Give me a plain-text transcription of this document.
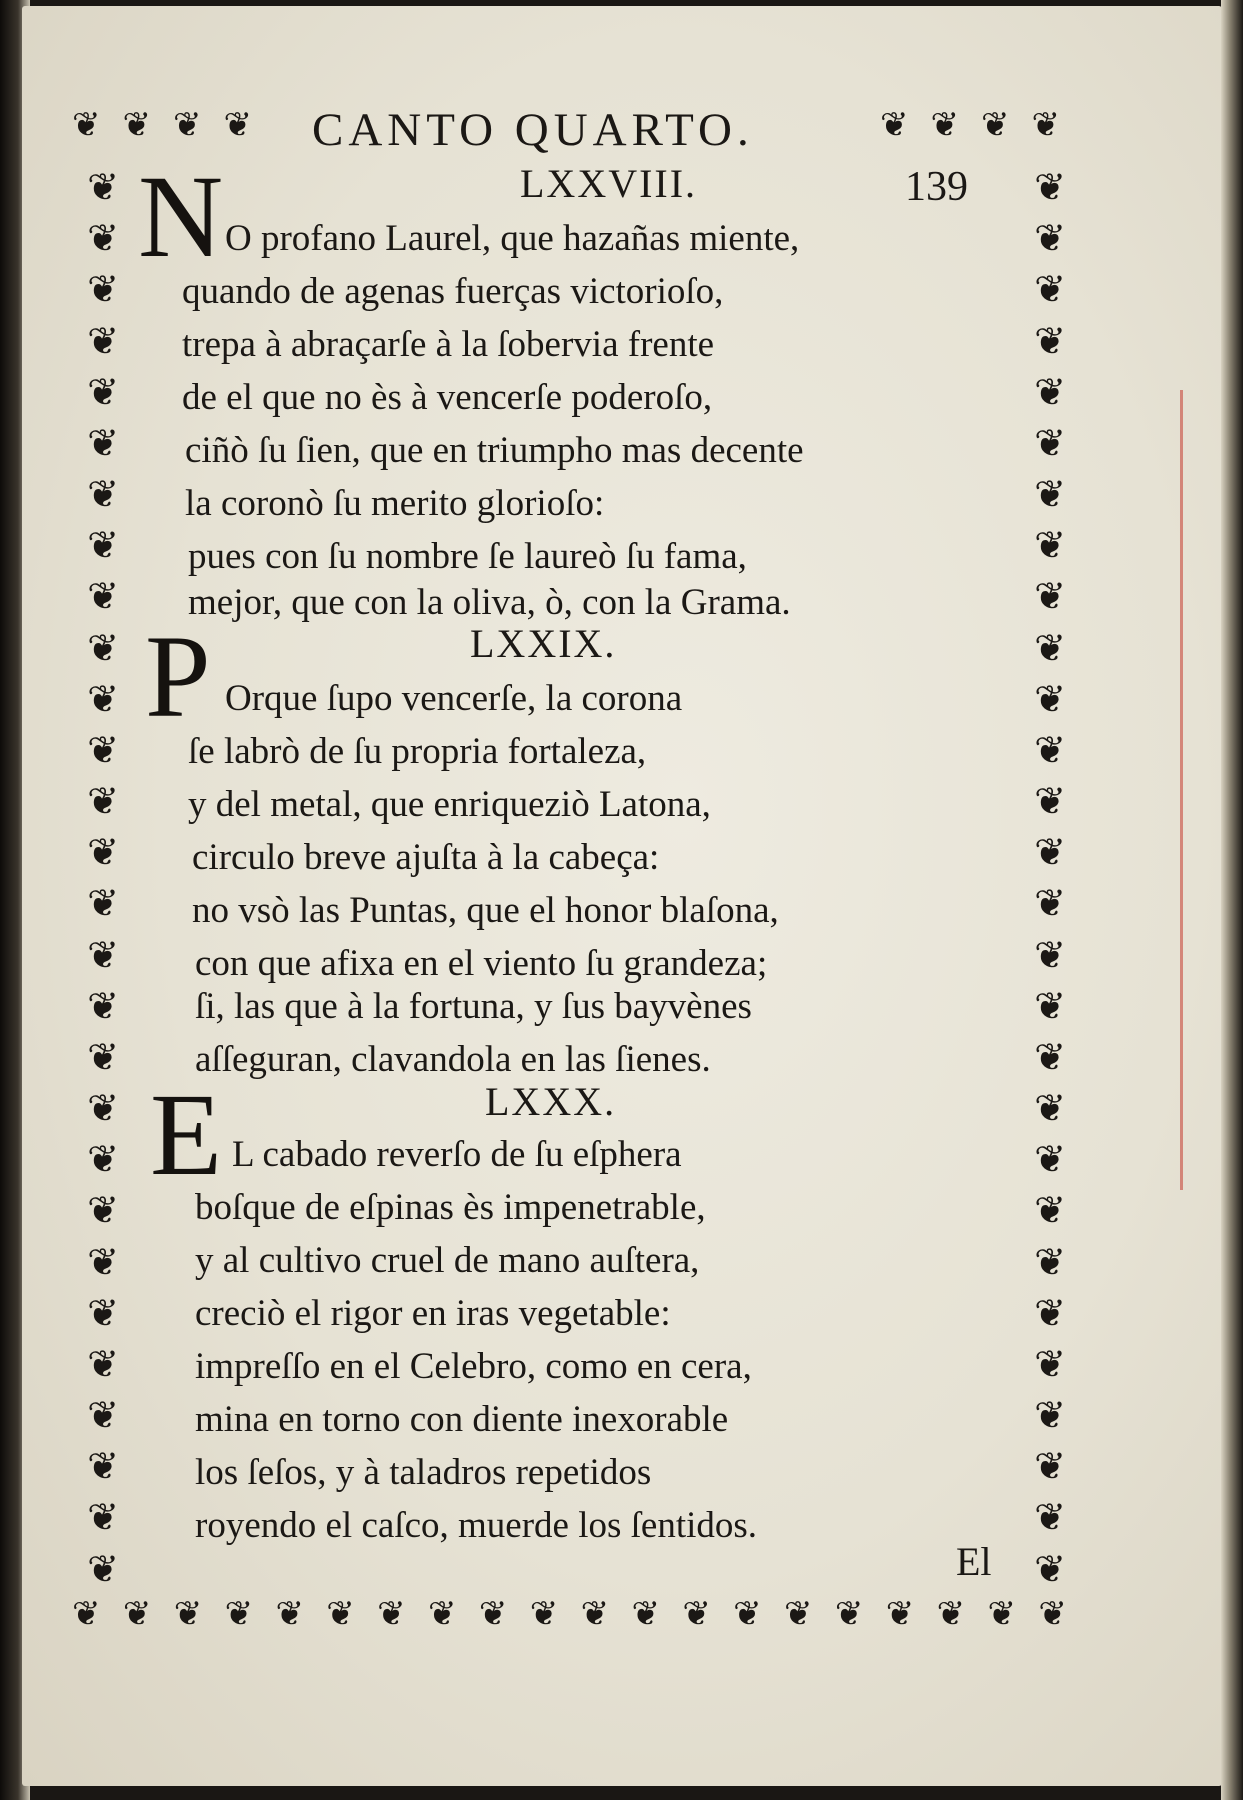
❦ ❦ ❦ ❦	❦ ❦ ❦ ❦
❦ ❦ ❦ ❦ ❦ ❦ ❦ ❦ ❦ ❦ ❦ ❦ ❦ ❦ ❦ ❦ ❦ ❦ ❦ ❦
❦
❦
❦
❦
❦
❦
❦
❦
❦
❦
❦
❦
❦
❦
❦
❦
❦
❦
❦
❦
❦
❦
❦
❦
❦
❦
❦
❦
❦
❦
❦
❦
❦
❦
❦
❦
❦
❦
❦
❦
❦
❦
❦
❦
❦
❦
❦
❦
❦
❦
❦
❦
❦
❦
❦
❦
CANTO QUARTO.
139
LXXVIII.
N O profano Laurel, que hazañas miente,
quando de agenas fuerças victorioſo,
trepa à abraçarſe à la ſobervia frente
de el que no ès à vencerſe poderoſo,
ciñò ſu ſien, que en triumpho mas decente
la coronò ſu merito glorioſo:
pues con ſu nombre ſe laureò ſu fama,
mejor, que con la oliva, ò, con la Grama.
LXXIX.
P Orque ſupo vencerſe, la corona
ſe labrò de ſu propria fortaleza,
y del metal, que enriqueziò Latona,
circulo breve ajuſta à la cabeça:
no vsò las Puntas, que el honor blaſona,
con que afixa en el viento ſu grandeza;
ſi, las que à la fortuna, y ſus bayvènes
aſſeguran, clavandola en las ſienes.
LXXX.
E L cabado reverſo de ſu eſphera
boſque de eſpinas ès impenetrable,
y al cultivo cruel de mano auſtera,
creciò el rigor en iras vegetable:
impreſſo en el Celebro, como en cera,
mina en torno con diente inexorable
los ſeſos, y à taladros repetidos
royendo el caſco, muerde los ſentidos.
El
